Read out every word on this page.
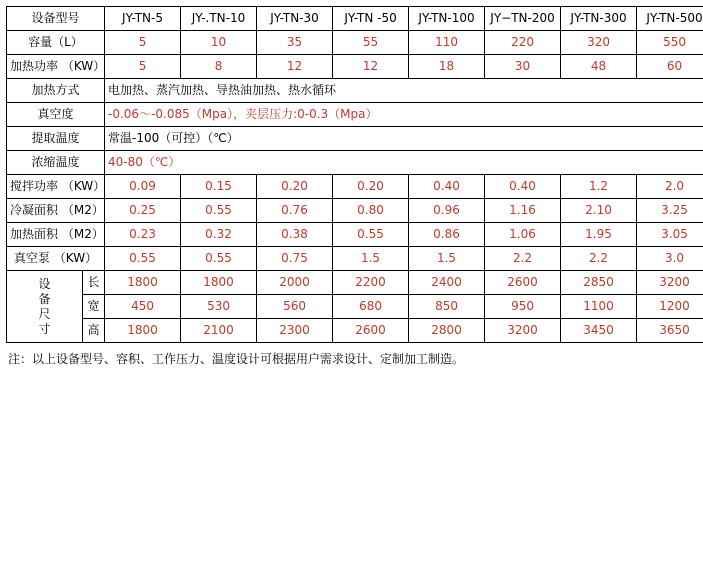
设备型号		JY-TN-5	JY-.TN-10	JY-TN-30	JY-TN -50	JY-TN-100	JY−TN-200	JY-TN-300	JY-TN-500
容量（L）		5	10	35	55	110	220	320	550
加热功率 （KW）		5	8	12	12	18	30	48	60
加热方式		电加热、蒸汽加热、导热油加热、热水循环							
真空度		-0.06～-0.085（Mpa），夹层压力:0-0.3（Mpa）							
提取温度		常温-100（可控）（℃）							
浓缩温度		40-80（℃）							
搅拌功率 （KW）		0.09	0.15	0.20	0.20	0.40	0.40	1.2	2.0
冷凝面积 （M2）		0.25	0.55	0.76	0.80	0.96	1.16	2.10	3.25
加热面积 （M2）		0.23	0.32	0.38	0.55	0.86	1.06	1.95	3.05
真空泵 （KW）		0.55	0.55	0.75	1.5	1.5	2.2	2.2	3.0

设
备
尺
寸	长	1800	1800	2000	2200	2400	2600	2850	3200
	宽	450	530	560	680	850	950	1100	1200
	高	1800	2100	2300	2600	2800	3200	3450	3650
注：以上设备型号、容积、工作压力、温度设计可根据用户需求设计、定制加工制造。
